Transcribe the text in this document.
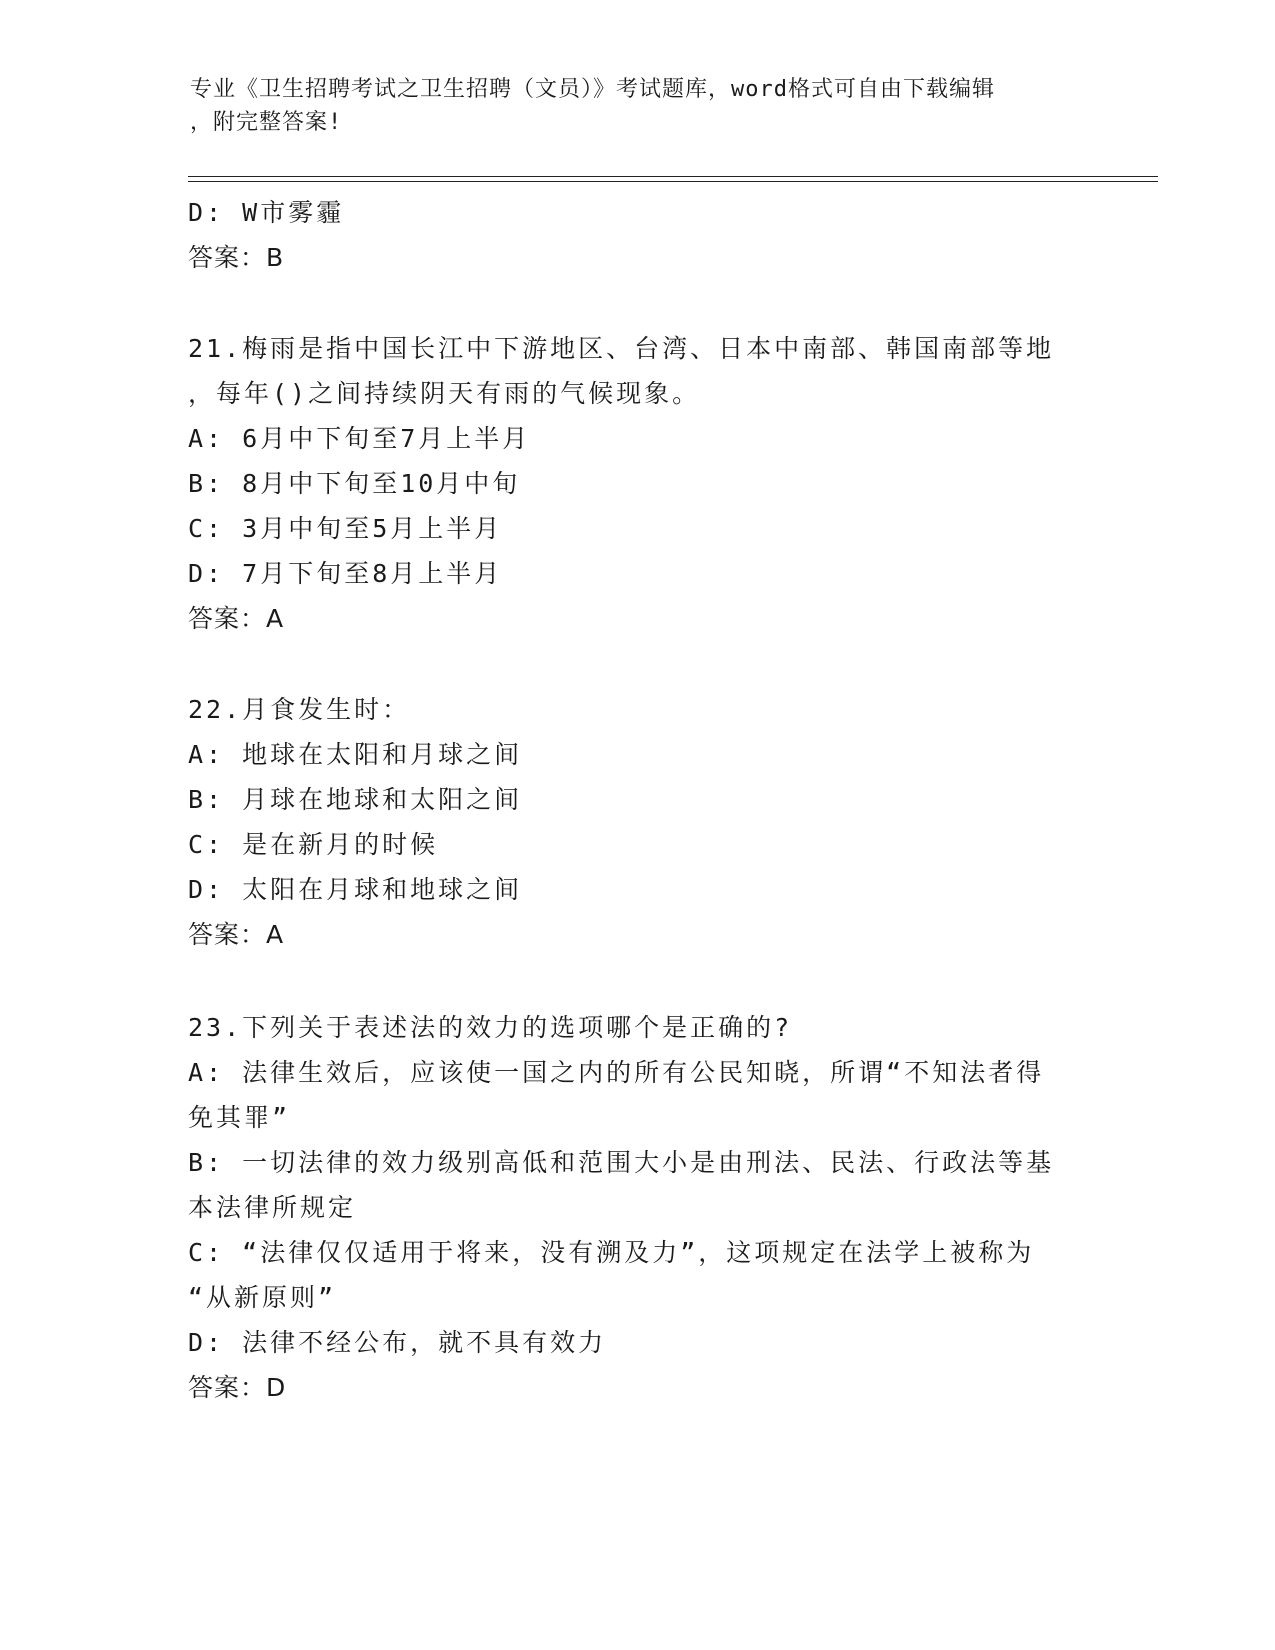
专业《卫生招聘考试之卫生招聘（文员）》考试题库，word格式可自由下载编辑
，附完整答案!
D: W市雾霾
答案：B
21.梅雨是指中国长江中下游地区、台湾、日本中南部、韩国南部等地
，每年()之间持续阴天有雨的气候现象。
A: 6月中下旬至7月上半月
B: 8月中下旬至10月中旬
C: 3月中旬至5月上半月
D: 7月下旬至8月上半月
答案：A
22.月食发生时：
A: 地球在太阳和月球之间
B: 月球在地球和太阳之间
C: 是在新月的时候
D: 太阳在月球和地球之间
答案：A
23.下列关于表述法的效力的选项哪个是正确的?
A: 法律生效后，应该使一国之内的所有公民知晓，所谓“不知法者得
免其罪”
B: 一切法律的效力级别高低和范围大小是由刑法、民法、行政法等基
本法律所规定
C: “法律仅仅适用于将来，没有溯及力”，这项规定在法学上被称为
“从新原则”
D: 法律不经公布，就不具有效力
答案：D
